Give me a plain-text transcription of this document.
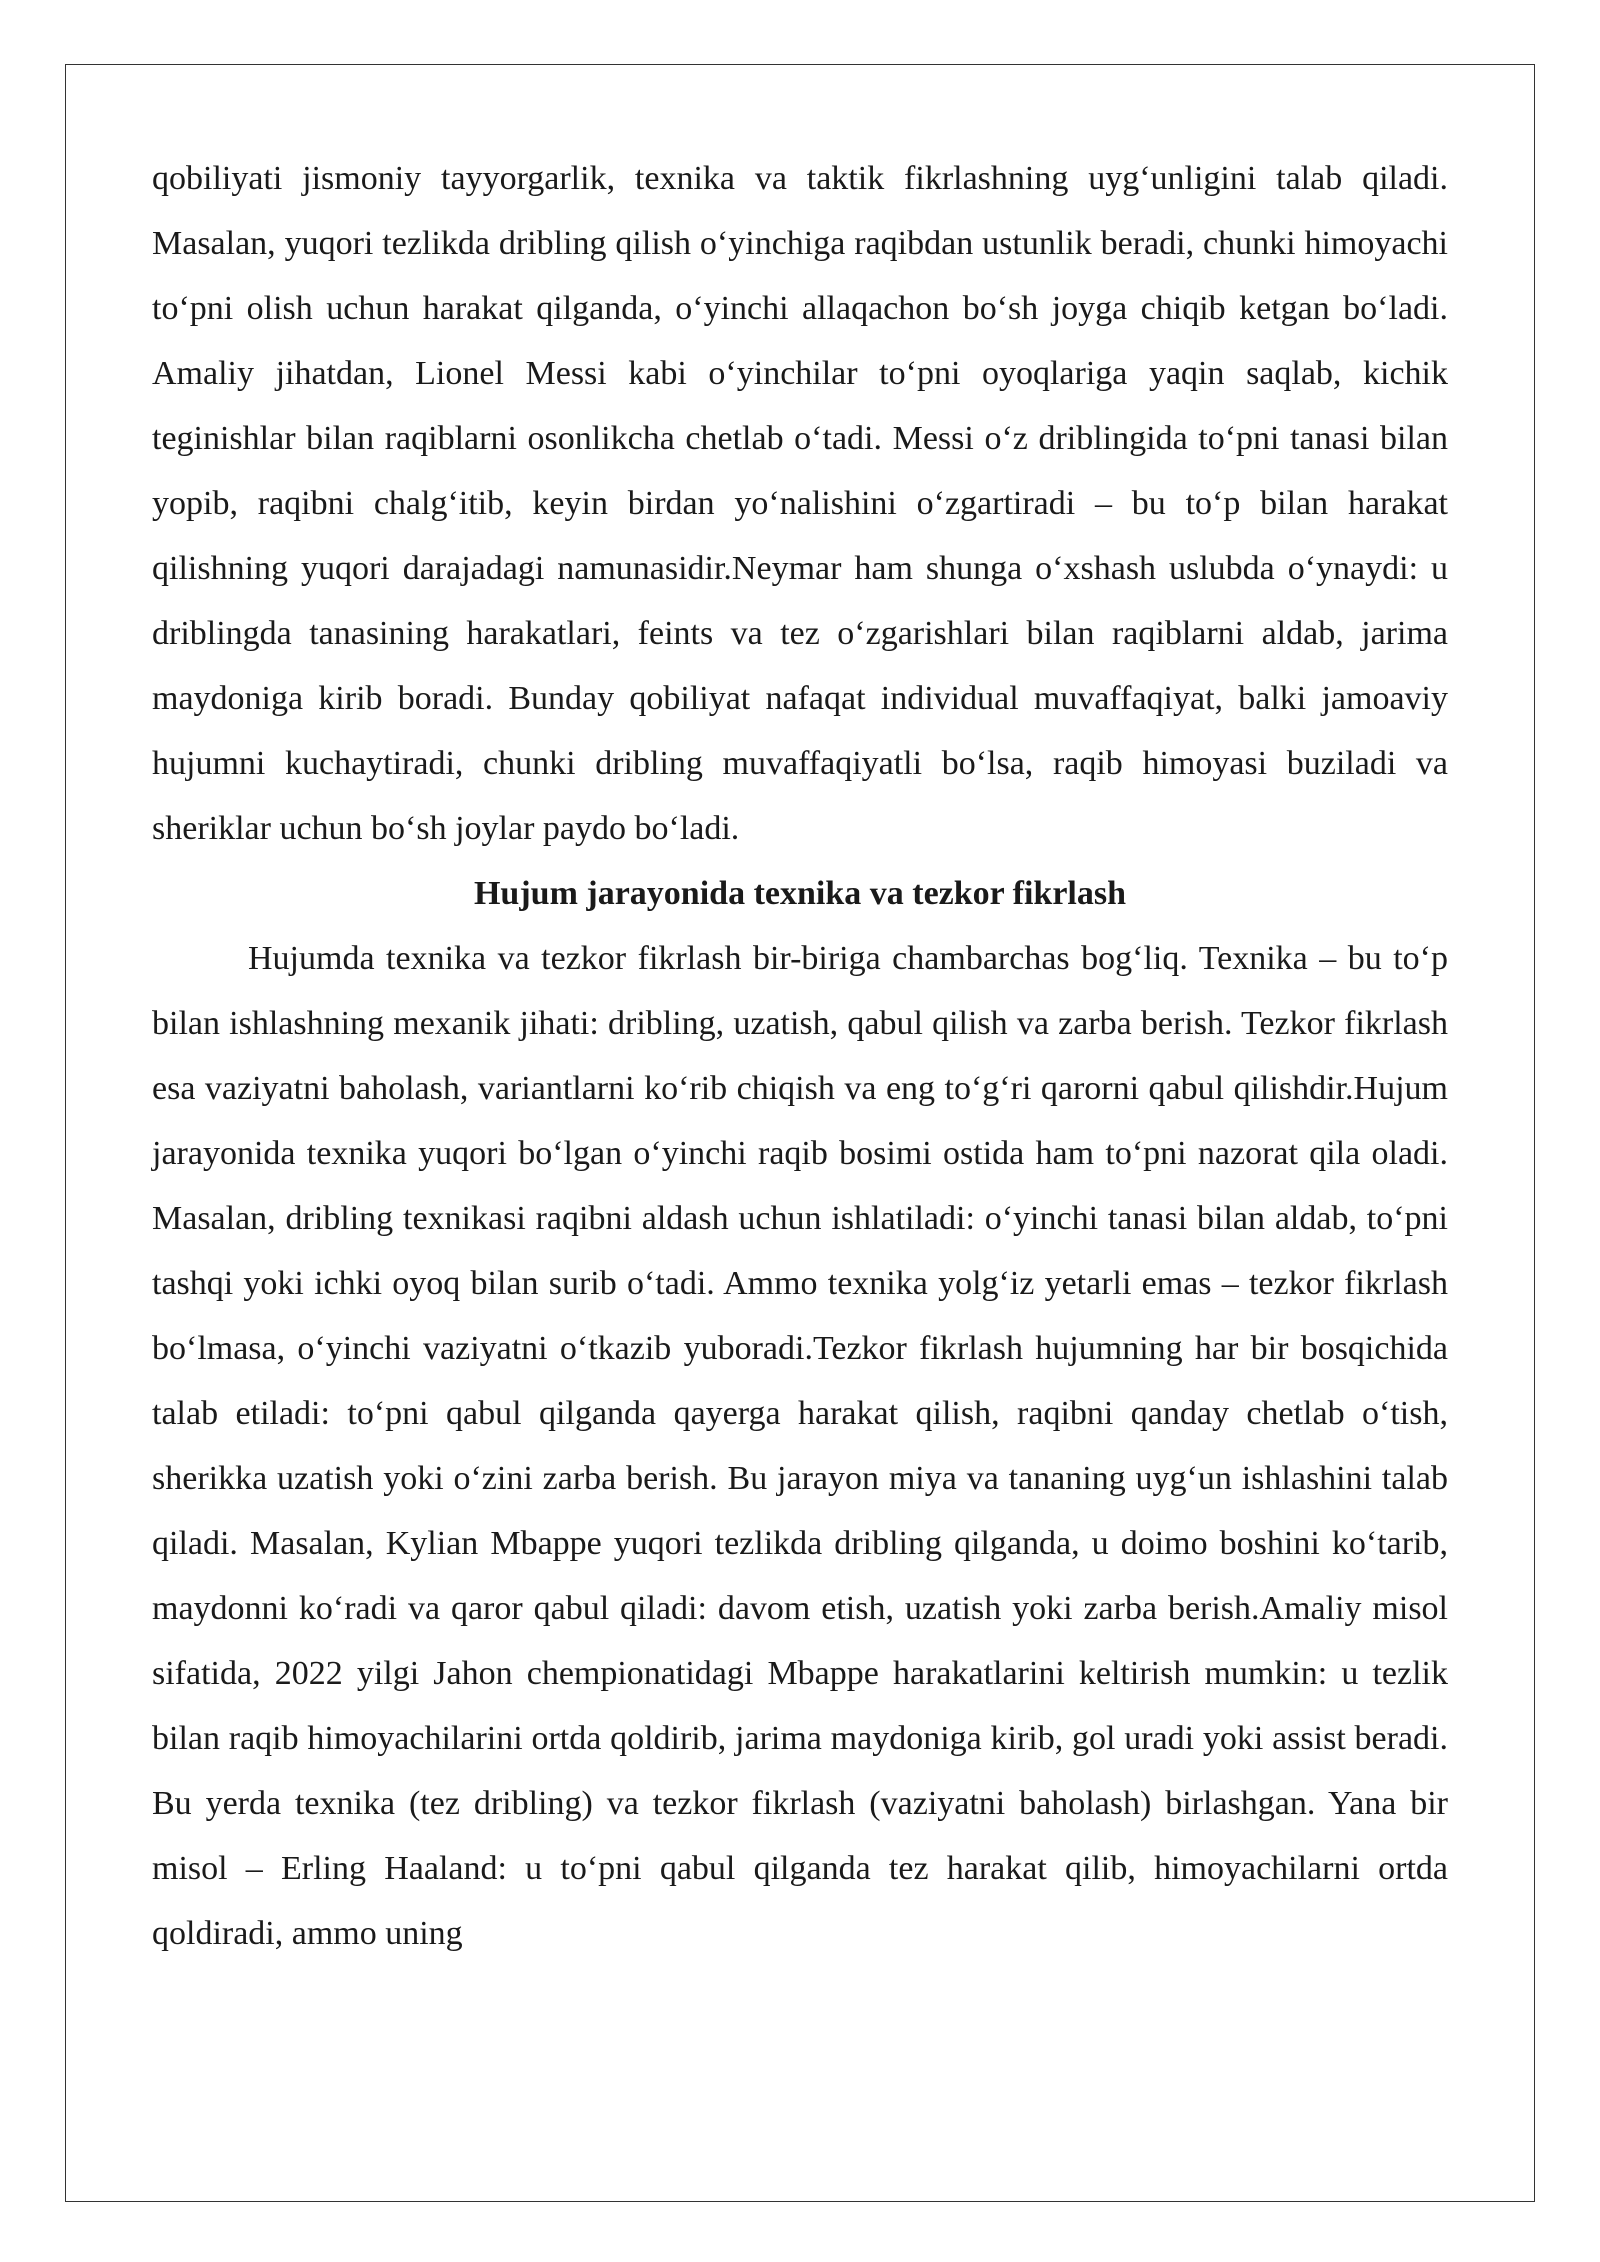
qobiliyati jismoniy tayyorgarlik, texnika va taktik fikrlashning uyg‘unligini talab qiladi. Masalan, yuqori tezlikda dribling qilish o‘yinchiga raqibdan ustunlik beradi, chunki himoyachi to‘pni olish uchun harakat qilganda, o‘yinchi allaqachon bo‘sh joyga chiqib ketgan bo‘ladi. Amaliy jihatdan, Lionel Messi kabi o‘yinchilar to‘pni oyoqlariga yaqin saqlab, kichik teginishlar bilan raqiblarni osonlikcha chetlab o‘tadi. Messi o‘z driblingida to‘pni tanasi bilan yopib, raqibni chalg‘itib, keyin birdan yo‘nalishini o‘zgartiradi – bu to‘p bilan harakat qilishning yuqori darajadagi namunasidir.Neymar ham shunga o‘xshash uslubda o‘ynaydi: u driblingda tanasining harakatlari, feints va tez o‘zgarishlari bilan raqiblarni aldab, jarima maydoniga kirib boradi. Bunday qobiliyat nafaqat individual muvaffaqiyat, balki jamoaviy hujumni kuchaytiradi, chunki dribling muvaffaqiyatli bo‘lsa, raqib himoyasi buziladi va sheriklar uchun bo‘sh joylar paydo bo‘ladi.

Hujum jarayonida texnika va tezkor fikrlash

Hujumda texnika va tezkor fikrlash bir-biriga chambarchas bog‘liq. Texnika – bu to‘p bilan ishlashning mexanik jihati: dribling, uzatish, qabul qilish va zarba berish. Tezkor fikrlash esa vaziyatni baholash, variantlarni ko‘rib chiqish va eng to‘g‘ri qarorni qabul qilishdir.Hujum jarayonida texnika yuqori bo‘lgan o‘yinchi raqib bosimi ostida ham to‘pni nazorat qila oladi. Masalan, dribling texnikasi raqibni aldash uchun ishlatiladi: o‘yinchi tanasi bilan aldab, to‘pni tashqi yoki ichki oyoq bilan surib o‘tadi. Ammo texnika yolg‘iz yetarli emas – tezkor fikrlash bo‘lmasa, o‘yinchi vaziyatni o‘tkazib yuboradi.Tezkor fikrlash hujumning har bir bosqichida talab etiladi: to‘pni qabul qilganda qayerga harakat qilish, raqibni qanday chetlab o‘tish, sherikka uzatish yoki o‘zini zarba berish. Bu jarayon miya va tananing uyg‘un ishlashini talab qiladi. Masalan, Kylian Mbappe yuqori tezlikda dribling qilganda, u doimo boshini ko‘tarib, maydonni ko‘radi va qaror qabul qiladi: davom etish, uzatish yoki zarba berish.Amaliy misol sifatida, 2022 yilgi Jahon chempionatidagi Mbappe harakatlarini keltirish mumkin: u tezlik bilan raqib himoyachilarini ortda qoldirib, jarima maydoniga kirib, gol uradi yoki assist beradi. Bu yerda texnika (tez dribling) va tezkor fikrlash (vaziyatni baholash) birlashgan. Yana bir misol – Erling Haaland: u to‘pni qabul qilganda tez harakat qilib, himoyachilarni ortda qoldiradi, ammo uning
